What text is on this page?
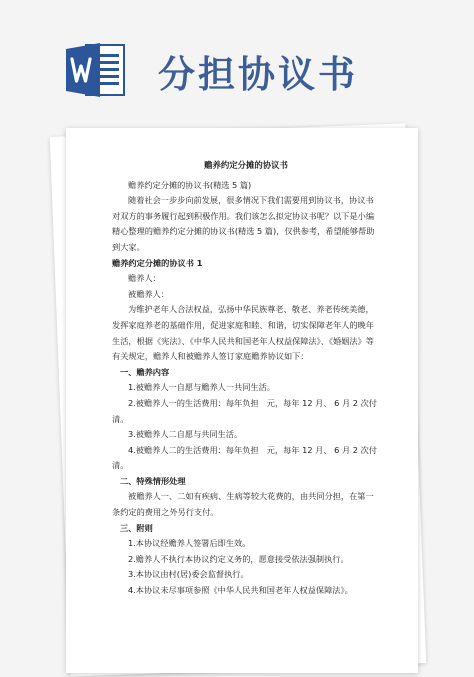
分担协议书

赡养约定分摊的协议书

赡养约定分摊的协议书(精选 5 篇)

随着社会一步步向前发展，很多情况下我们需要用到协议书，协议书对双方的事务履行起到积极作用。我们该怎么拟定协议书呢？以下是小编精心整理的赡养约定分摊的协议书(精选 5 篇)，仅供参考，希望能够帮助到大家。

赡养约定分摊的协议书 1

赡养人：

被赡养人：

为维护老年人合法权益，弘扬中华民族尊老、敬老、养老传统美德，发挥家庭养老的基础作用，促进家庭和睦、和谐，切实保障老年人的晚年生活，根据《宪法》、《中华人民共和国老年人权益保障法》、《婚姻法》等有关规定，赡养人和被赡养人签订家庭赡养协议如下：

一、赡养内容

1.被赡养人一自愿与赡养人一共同生活。

2.被赡养人一的生活费用：每年负担　元，每年 12 月、 6 月 2 次付清。

3.被赡养人二自愿与共同生活。

4.被赡养人二的生活费用：每年负担　元，每年 12 月、 6 月 2 次付清。

二、特殊情形处理

被赡养人一、二如有疾病、生病等较大花费的，由共同分担，在第一条约定的费用之外另行支付。

三、附则

1.本协议经赡养人签署后即生效。

2.赡养人不执行本协议约定义务的，愿意接受依法强制执行。

3.本协议由村(居)委会监督执行。

4.本协议未尽事项参照《中华人民共和国老年人权益保障法》。
